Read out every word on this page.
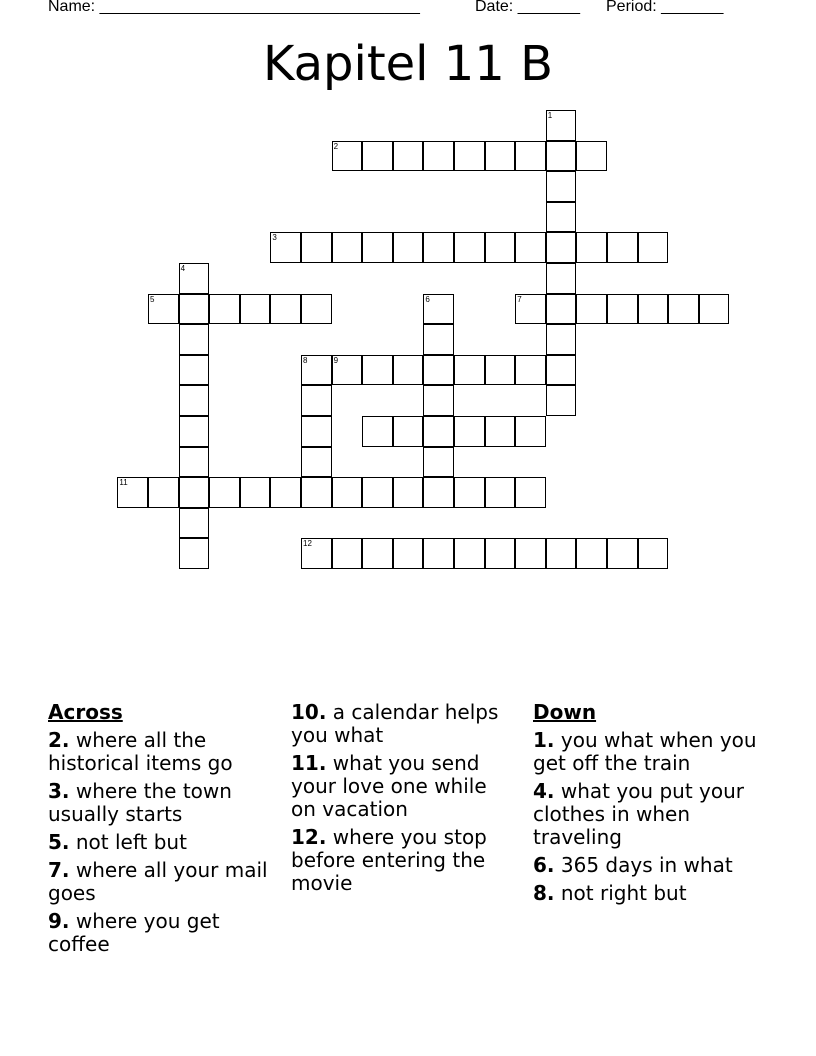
Name: ____________________________________	Date: _______ Period: _______
Kapitel 11 B
1
2
3
4
5	6	7
8	9
11
12
Across
2. where all the historical items go
3. where the town usually starts
5. not left but
7. where all your mail goes
9. where you get coffee
10. a calendar helps you what
11. what you send your love one while on vacation
12. where you stop before entering the movie
Down
1. you what when you get off the train
4. what you put your clothes in when traveling
6. 365 days in what
8. not right but
